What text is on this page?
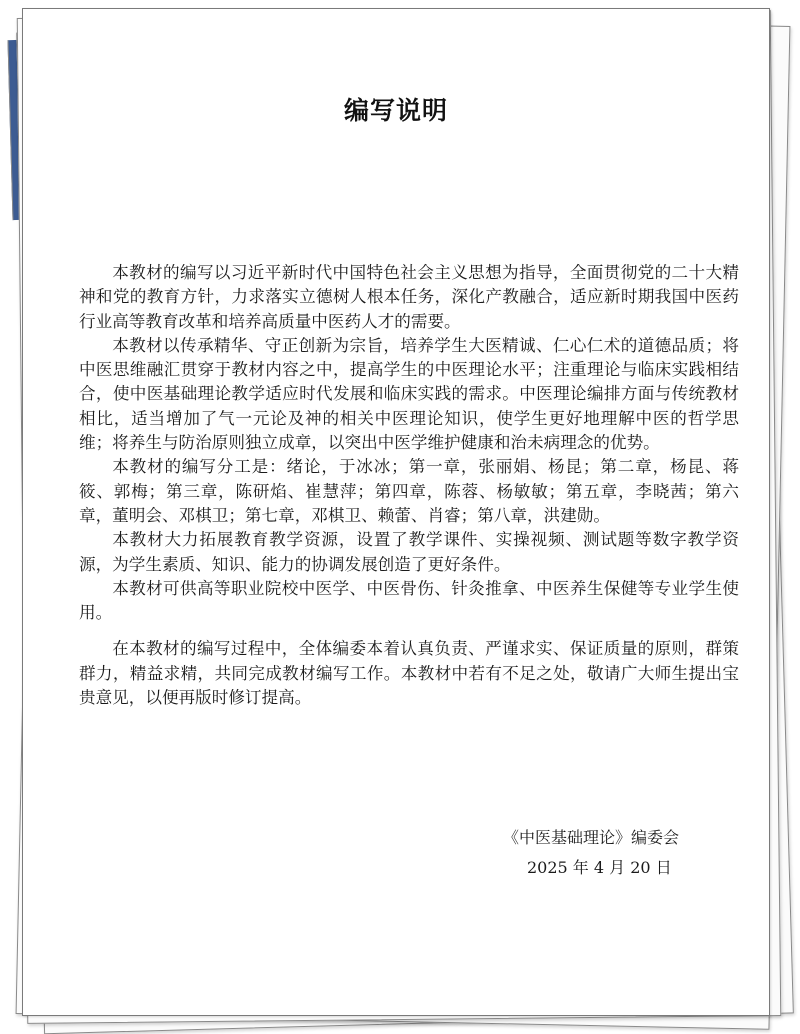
编写说明

本教材的编写以习近平新时代中国特色社会主义思想为指导，全面贯彻党的二十大精神和党的教育方针，力求落实立德树人根本任务，深化产教融合，适应新时期我国中医药行业高等教育改革和培养高质量中医药人才的需要。

本教材以传承精华、守正创新为宗旨，培养学生大医精诚、仁心仁术的道德品质；将中医思维融汇贯穿于教材内容之中，提高学生的中医理论水平；注重理论与临床实践相结合，使中医基础理论教学适应时代发展和临床实践的需求。中医理论编排方面与传统教材相比，适当增加了气一元论及神的相关中医理论知识，使学生更好地理解中医的哲学思维；将养生与防治原则独立成章，以突出中医学维护健康和治未病理念的优势。

本教材的编写分工是：绪论，于冰冰；第一章，张丽娟、杨昆；第二章，杨昆、蒋筱、郭梅；第三章，陈研焰、崔慧萍；第四章，陈蓉、杨敏敏；第五章，李晓茜；第六章，董明会、邓棋卫；第七章，邓棋卫、赖蕾、肖睿；第八章，洪建勋。

本教材大力拓展教育教学资源，设置了教学课件、实操视频、测试题等数字教学资源，为学生素质、知识、能力的协调发展创造了更好条件。

本教材可供高等职业院校中医学、中医骨伤、针灸推拿、中医养生保健等专业学生使用。

在本教材的编写过程中，全体编委本着认真负责、严谨求实、保证质量的原则，群策群力，精益求精，共同完成教材编写工作。本教材中若有不足之处，敬请广大师生提出宝贵意见，以便再版时修订提高。

《中医基础理论》编委会
2025 年 4 月 20 日
